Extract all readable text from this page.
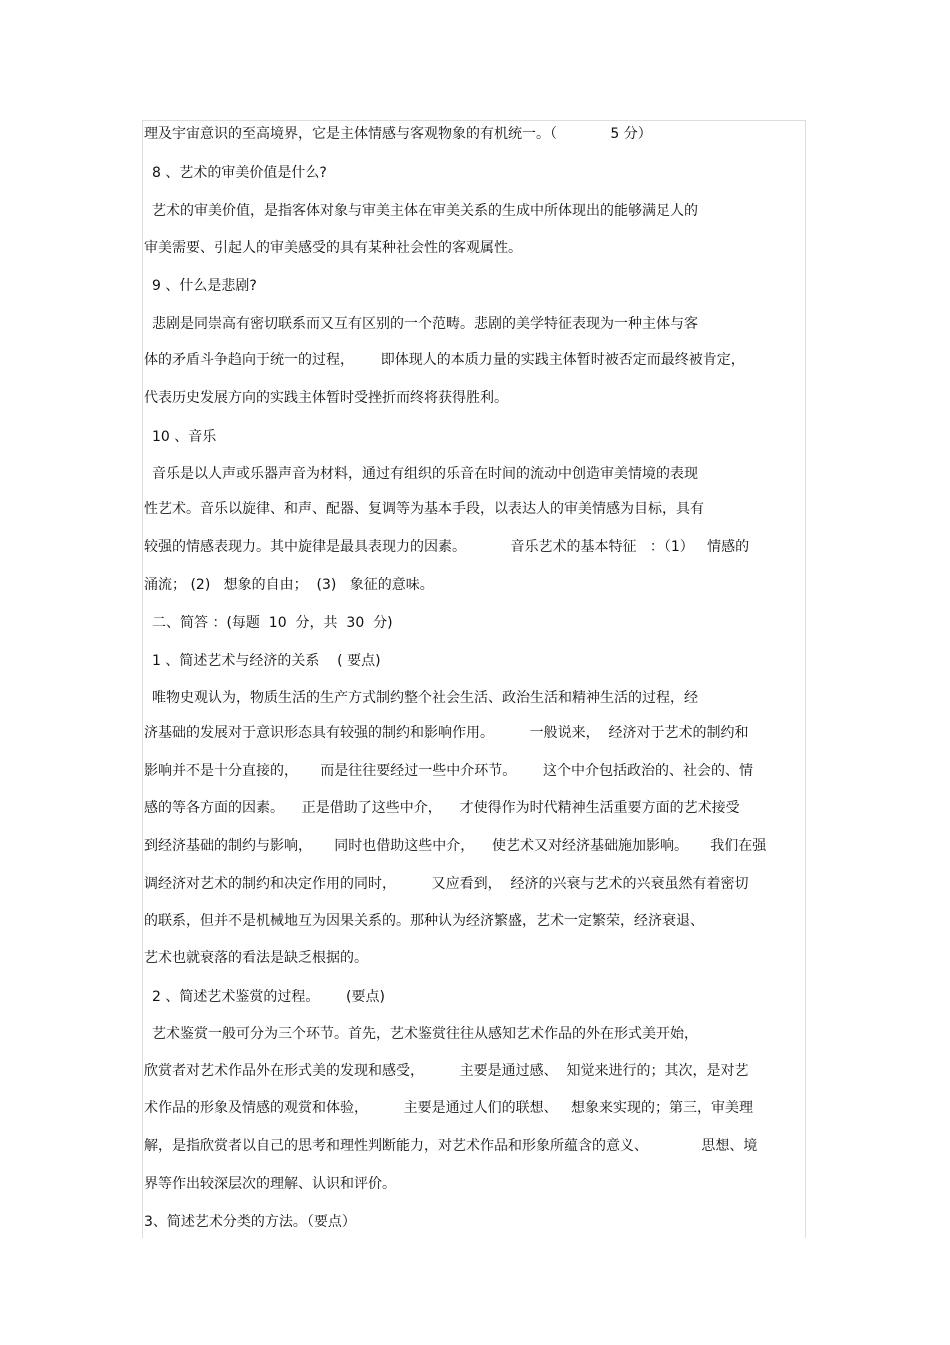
理及宇宙意识的至高境界，它是主体情感与客观物象的有机统一。（            5 分）
8 、艺术的审美价值是什么?
艺术的审美价值，是指客体对象与审美主体在审美关系的生成中所体现出的能够满足人的
审美需要、引起人的审美感受的具有某种社会性的客观属性。
9 、什么是悲剧?
悲剧是同崇高有密切联系而又互有区别的一个范畴。悲剧的美学特征表现为一种主体与客
体的矛盾斗争趋向于统一的过程，      即体现人的本质力量的实践主体暂时被否定而最终被肯定，
代表历史发展方向的实践主体暂时受挫折而终将获得胜利。
10 、音乐
音乐是以人声或乐器声音为材料，通过有组织的乐音在时间的流动中创造审美情境的表现
性艺术。音乐以旋律、和声、配器、复调等为基本手段，以表达人的审美情感为目标，具有
较强的情感表现力。其中旋律是最具表现力的因素。          音乐艺术的基本特征   ：（1）   情感的
涌流； (2)   想象的自由；  (3)   象征的意味。
二、简答 ：(每题  10  分，共  30  分)
1 、简述艺术与经济的关系    ( 要点)
唯物史观认为，物质生活的生产方式制约整个社会生活、政治生活和精神生活的过程，经
济基础的发展对于意识形态具有较强的制约和影响作用。        一般说来，  经济对于艺术的制约和
影响并不是十分直接的，     而是往往要经过一些中介环节。      这个中介包括政治的、社会的、情
感的等各方面的因素。    正是借助了这些中介，    才使得作为时代精神生活重要方面的艺术接受
到经济基础的制约与影响，     同时也借助这些中介，    使艺术又对经济基础施加影响。     我们在强
调经济对艺术的制约和决定作用的同时，        又应看到，  经济的兴衰与艺术的兴衰虽然有着密切
的联系，但并不是机械地互为因果关系的。那种认为经济繁盛，艺术一定繁荣，经济衰退、
艺术也就衰落的看法是缺乏根据的。
2 、简述艺术鉴赏的过程。      (要点)
艺术鉴赏一般可分为三个环节。首先，艺术鉴赏往往从感知艺术作品的外在形式美开始，
欣赏者对艺术作品外在形式美的发现和感受，        主要是通过感、  知觉来进行的；其次，是对艺
术作品的形象及情感的观赏和体验，        主要是通过人们的联想、   想象来实现的；第三，审美理
解，是指欣赏者以自己的思考和理性判断能力，对艺术作品和形象所蕴含的意义、            思想、境
界等作出较深层次的理解、认识和评价。
3、简述艺术分类的方法。（要点）
